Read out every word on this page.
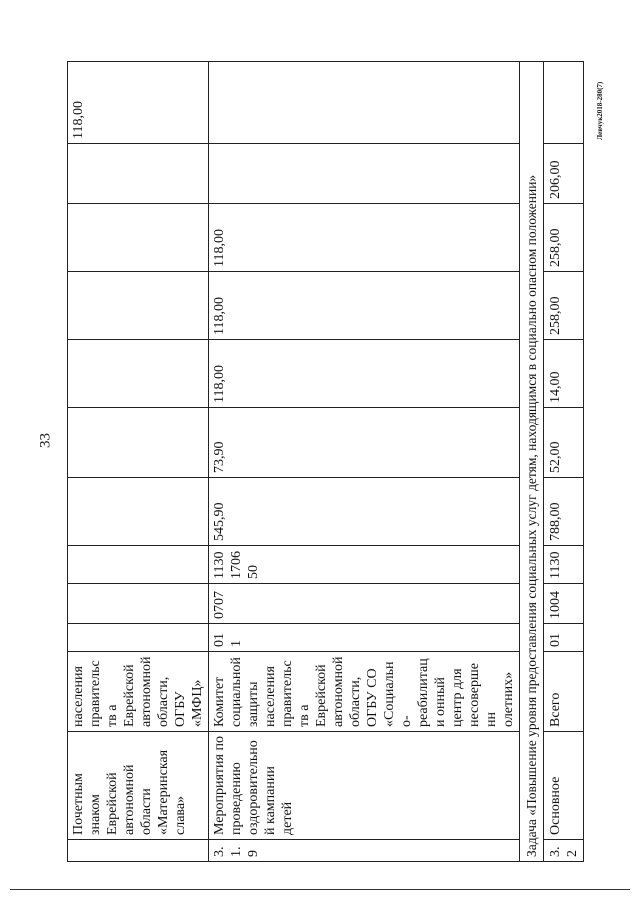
33
Левчук2018-280(7)
	Почетным знаком Еврейской автономной области «Материнская слава»	населения правительств а Еврейской автономной области, ОГБУ «МФЦ»										118,00
3.1. 9	Мероприятия по проведению оздоровительной кампании детей	Комитет социальной защиты населения правительств а Еврейской автономной области, ОГБУ СО «Социально-реабилитаци онный центр для несовершенн олетних»	01 1	0707	1130 1706 50	545,90	73,90	118,00	118,00	118,00		
Задача «Повышение уровня предоставления социальных услуг детям, находящимся в социально опасном положении»												
3.2	Основное	Всего	01	1004	1130	788,00	52,00	14,00	258,00	258,00	206,00	
